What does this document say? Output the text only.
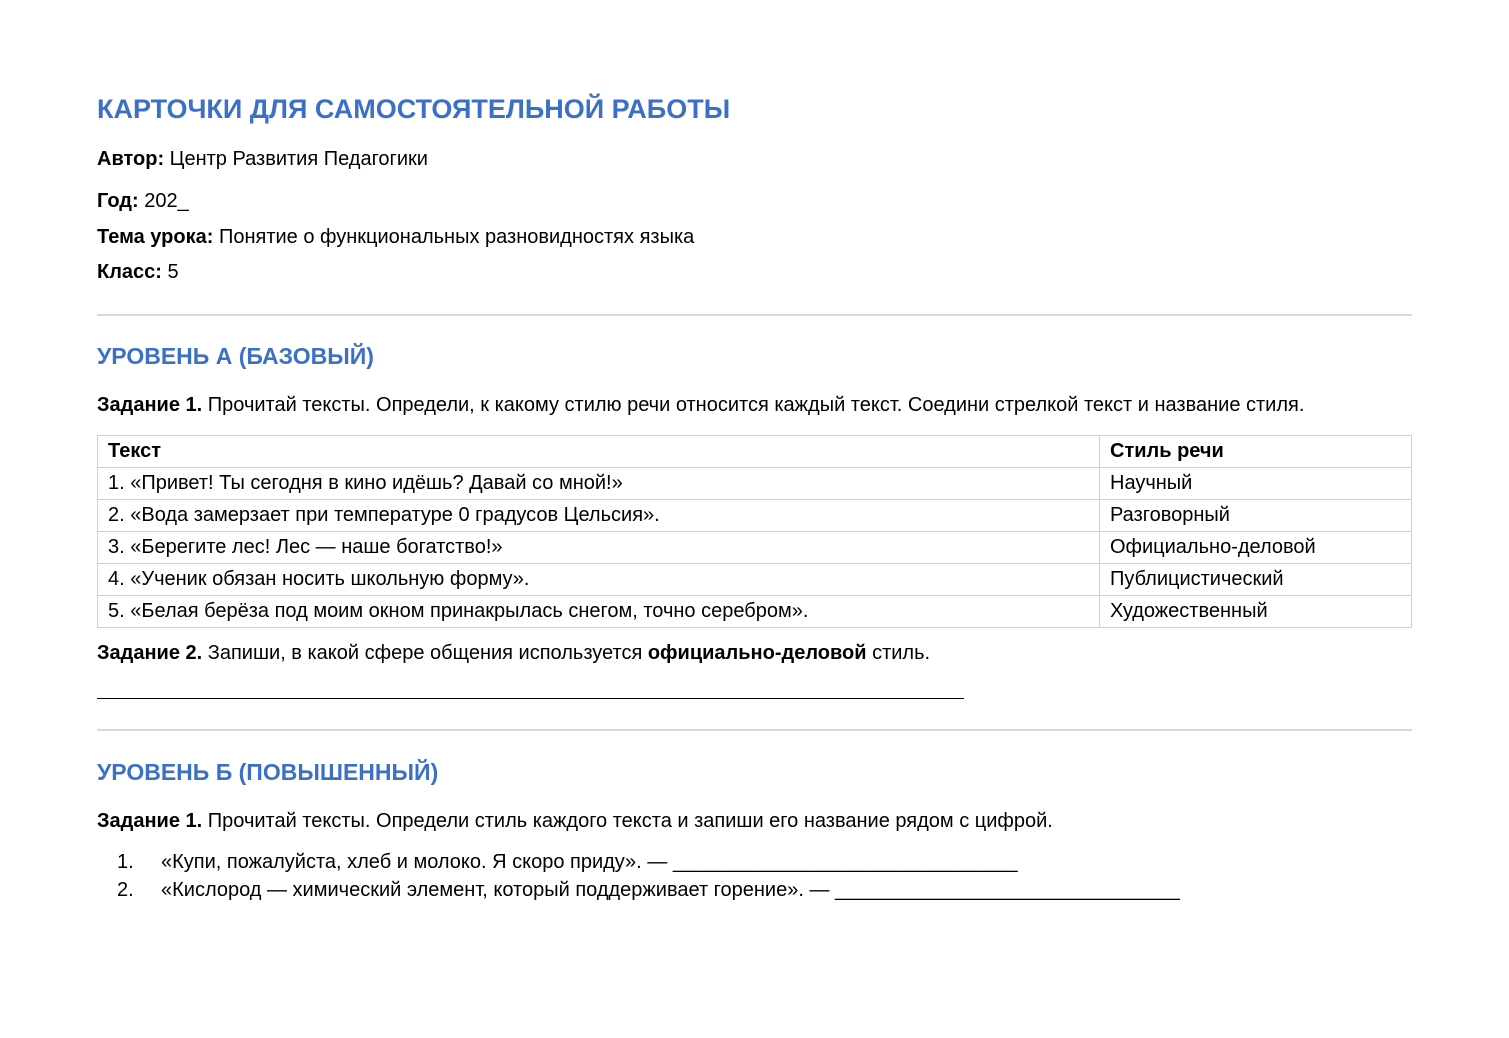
КАРТОЧКИ ДЛЯ САМОСТОЯТЕЛЬНОЙ РАБОТЫ

Автор: Центр Развития Педагогики

Год: 202_

Тема урока: Понятие о функциональных разновидностях языка

Класс: 5

УРОВЕНЬ А (БАЗОВЫЙ)

Задание 1. Прочитай тексты. Определи, к какому стилю речи относится каждый текст. Соедини стрелкой текст и название стиля.

Текст	Стиль речи
1. «Привет! Ты сегодня в кино идёшь? Давай со мной!»	Научный
2. «Вода замерзает при температуре 0 градусов Цельсия».	Разговорный
3. «Берегите лес! Лес — наше богатство!»	Официально-деловой
4. «Ученик обязан носить школьную форму».	Публицистический
5. «Белая берёза под моим окном принакрылась снегом, точно серебром».	Художественный

Задание 2. Запиши, в какой сфере общения используется официально-деловой стиль.

УРОВЕНЬ Б (ПОВЫШЕННЫЙ)

Задание 1. Прочитай тексты. Определи стиль каждого текста и запиши его название рядом с цифрой.

1. «Купи, пожалуйста, хлеб и молоко. Я скоро приду». — _______________________________
2. «Кислород — химический элемент, который поддерживает горение». — _______________________________
